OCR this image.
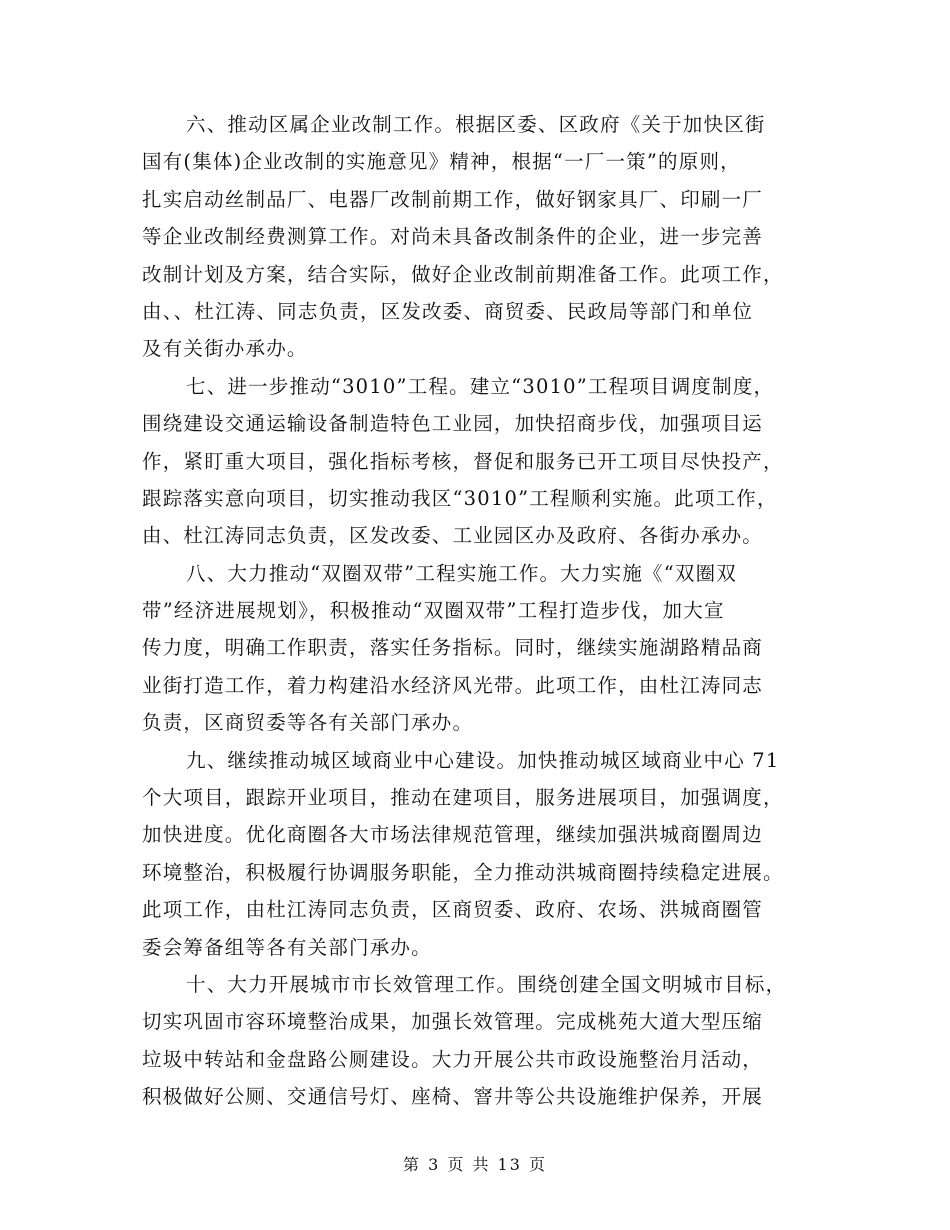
六、推动区属企业改制工作。根据区委、区政府《关于加快区街
国有(集体)企业改制的实施意见》精神，根据“一厂一策”的原则，
扎实启动丝制品厂、电器厂改制前期工作，做好钢家具厂、印刷一厂
等企业改制经费测算工作。对尚未具备改制条件的企业，进一步完善
改制计划及方案，结合实际，做好企业改制前期准备工作。此项工作，
由、、杜江涛、同志负责，区发改委、商贸委、民政局等部门和单位
及有关街办承办。
七、进一步推动“3010”工程。建立“3010”工程项目调度制度，
围绕建设交通运输设备制造特色工业园，加快招商步伐，加强项目运
作，紧盯重大项目，强化指标考核，督促和服务已开工项目尽快投产，
跟踪落实意向项目，切实推动我区“3010”工程顺利实施。此项工作，
由、杜江涛同志负责，区发改委、工业园区办及政府、各街办承办。
八、大力推动“双圈双带”工程实施工作。大力实施《“双圈双
带”经济进展规划》，积极推动“双圈双带”工程打造步伐，加大宣
传力度，明确工作职责，落实任务指标。同时，继续实施湖路精品商
业街打造工作，着力构建沿水经济风光带。此项工作，由杜江涛同志
负责，区商贸委等各有关部门承办。
九、继续推动城区域商业中心建设。加快推动城区域商业中心 71
个大项目，跟踪开业项目，推动在建项目，服务进展项目，加强调度，
加快进度。优化商圈各大市场法律规范管理，继续加强洪城商圈周边
环境整治，积极履行协调服务职能，全力推动洪城商圈持续稳定进展。
此项工作，由杜江涛同志负责，区商贸委、政府、农场、洪城商圈管
委会筹备组等各有关部门承办。
十、大力开展城市市长效管理工作。围绕创建全国文明城市目标，
切实巩固市容环境整治成果，加强长效管理。完成桃苑大道大型压缩
垃圾中转站和金盘路公厕建设。大力开展公共市政设施整治月活动，
积极做好公厕、交通信号灯、座椅、窨井等公共设施维护保养，开展
第 3 页 共 13 页
